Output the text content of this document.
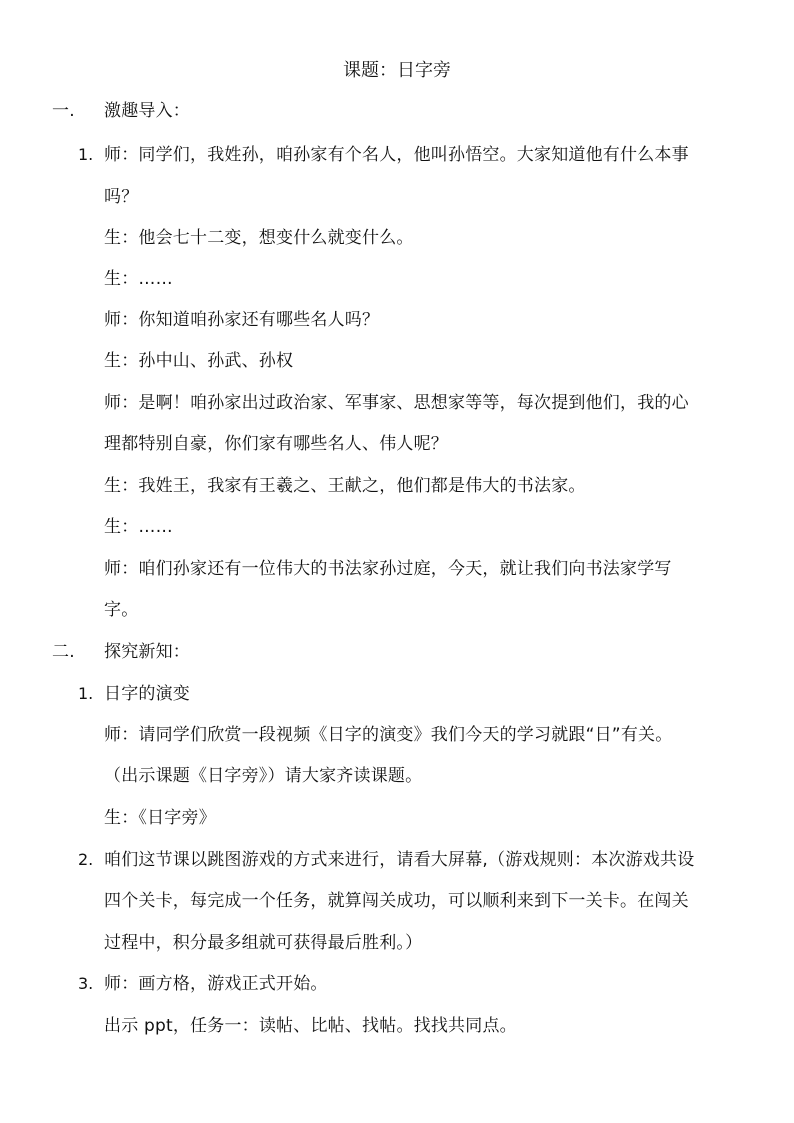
课题：日字旁
一. 激趣导入：
1. 师：同学们，我姓孙，咱孙家有个名人，他叫孙悟空。大家知道他有什么本事
吗？
生：他会七十二变，想变什么就变什么。
生：……
师：你知道咱孙家还有哪些名人吗？
生：孙中山、孙武、孙权
师：是啊！咱孙家出过政治家、军事家、思想家等等，每次提到他们，我的心
理都特别自豪，你们家有哪些名人、伟人呢？
生：我姓王，我家有王羲之、王献之，他们都是伟大的书法家。
生：……
师：咱们孙家还有一位伟大的书法家孙过庭，今天，就让我们向书法家学写
字。
二. 探究新知：
1. 日字的演变
师：请同学们欣赏一段视频《日字的演变》我们今天的学习就跟“日”有关。
（出示课题《日字旁》）请大家齐读课题。
生：《日字旁》
2. 咱们这节课以跳图游戏的方式来进行，请看大屏幕,（游戏规则：本次游戏共设
四个关卡，每完成一个任务，就算闯关成功，可以顺利来到下一关卡。在闯关
过程中，积分最多组就可获得最后胜利。）
3. 师：画方格，游戏正式开始。
出示 ppt，任务一：读帖、比帖、找帖。找找共同点。
